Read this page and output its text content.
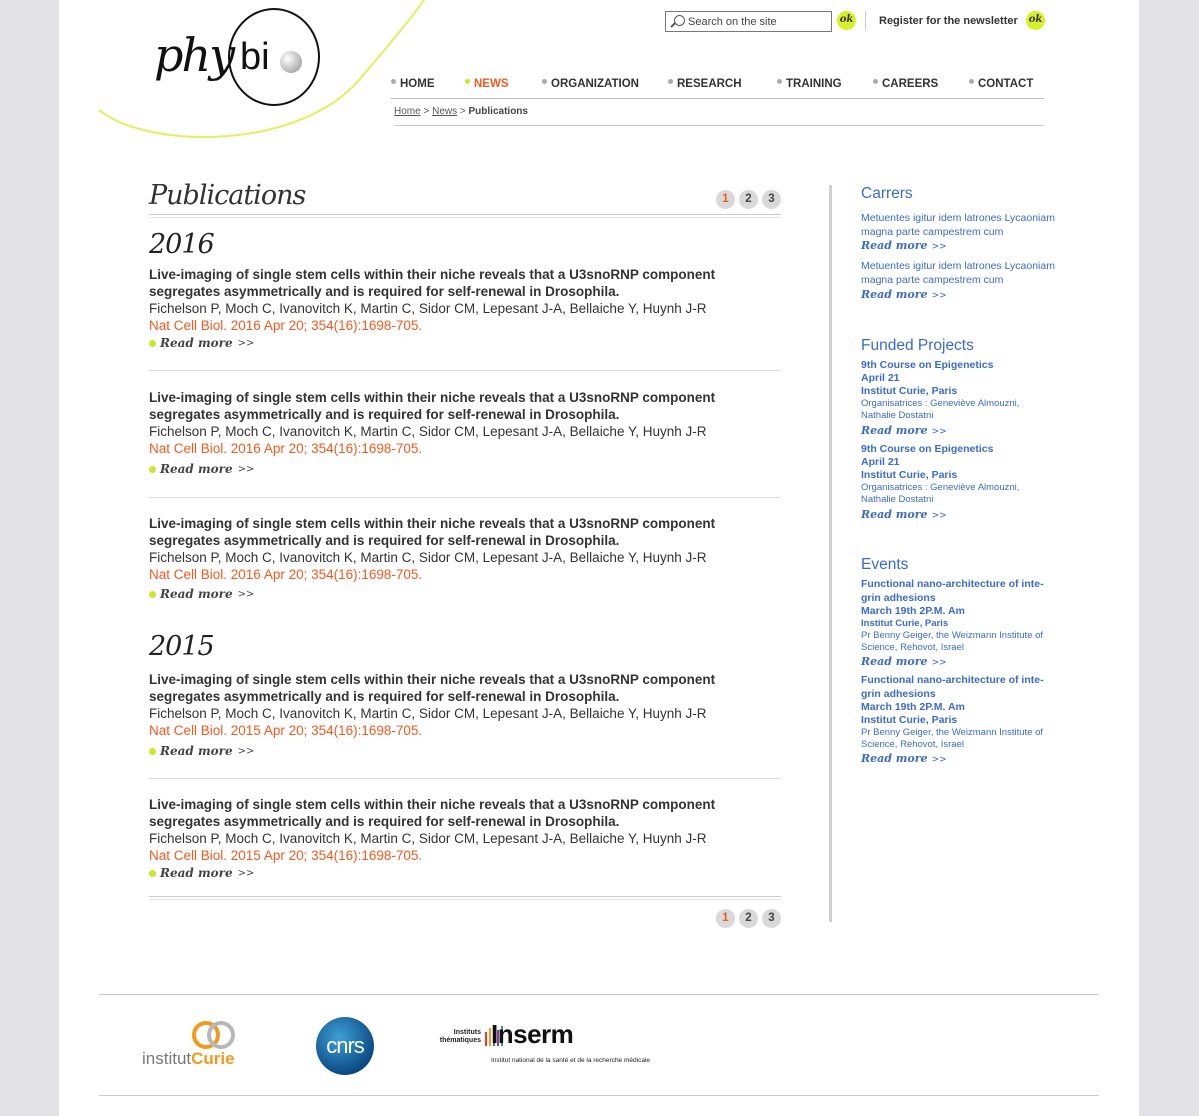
phy bi
Search on the site
ok Register for the newsletter ok
HOME	NEWS	ORGANIZATION	RESEARCH	TRAINING	CAREERS	CONTACT
Home > News > Publications
Publications	1	2	3
2016
Live-imaging of single stem cells within their niche reveals that a U3snoRNP component segregates asymmetrically and is required for self-renewal in Drosophila.
Fichelson P, Moch C, Ivanovitch K, Martin C, Sidor CM, Lepesant J-A, Bellaiche Y, Huynh J-R
Nat Cell Biol. 2016 Apr 20; 354(16):1698-705.
Read more >>
Live-imaging of single stem cells within their niche reveals that a U3snoRNP component segregates asymmetrically and is required for self-renewal in Drosophila.
Fichelson P, Moch C, Ivanovitch K, Martin C, Sidor CM, Lepesant J-A, Bellaiche Y, Huynh J-R
Nat Cell Biol. 2016 Apr 20; 354(16):1698-705.
Read more >>
Live-imaging of single stem cells within their niche reveals that a U3snoRNP component segregates asymmetrically and is required for self-renewal in Drosophila.
Fichelson P, Moch C, Ivanovitch K, Martin C, Sidor CM, Lepesant J-A, Bellaiche Y, Huynh J-R
Nat Cell Biol. 2016 Apr 20; 354(16):1698-705.
Read more >>
2015
Live-imaging of single stem cells within their niche reveals that a U3snoRNP component segregates asymmetrically and is required for self-renewal in Drosophila.
Fichelson P, Moch C, Ivanovitch K, Martin C, Sidor CM, Lepesant J-A, Bellaiche Y, Huynh J-R
Nat Cell Biol. 2015 Apr 20; 354(16):1698-705.
Read more >>
Live-imaging of single stem cells within their niche reveals that a U3snoRNP component segregates asymmetrically and is required for self-renewal in Drosophila.
Fichelson P, Moch C, Ivanovitch K, Martin C, Sidor CM, Lepesant J-A, Bellaiche Y, Huynh J-R
Nat Cell Biol. 2015 Apr 20; 354(16):1698-705.
Read more >>
1	2	3
Carrers
Metuentes igitur idem latrones Lycaoniam magna parte campestrem cum
Read more >>
Metuentes igitur idem latrones Lycaoniam magna parte campestrem cum
Read more >>
Funded Projects
9th Course on Epigenetics
April 21
Institut Curie, Paris
Organisatrices : Geneviève Almouzni, Nathalie Dostatni
Read more >>
9th Course on Epigenetics
April 21
Institut Curie, Paris
Organisatrices : Geneviève Almouzni, Nathalie Dostatni
Read more >>
Events
Functional nano-architecture of inte-grin adhesions
March 19th 2P.M. Am
Institut Curie, Paris
Pr Benny Geiger, the Weizmann Institute of Science, Rehovot, Israel
Read more >>
Functional nano-architecture of inte-grin adhesions
March 19th 2P.M. Am
Institut Curie, Paris
Pr Benny Geiger, the Weizmann Institute of Science, Rehovot, Israel
Read more >>
institutCurie
cnrs
Instituts thématiques Inserm
Institut national de la santé et de la recherche médicale
